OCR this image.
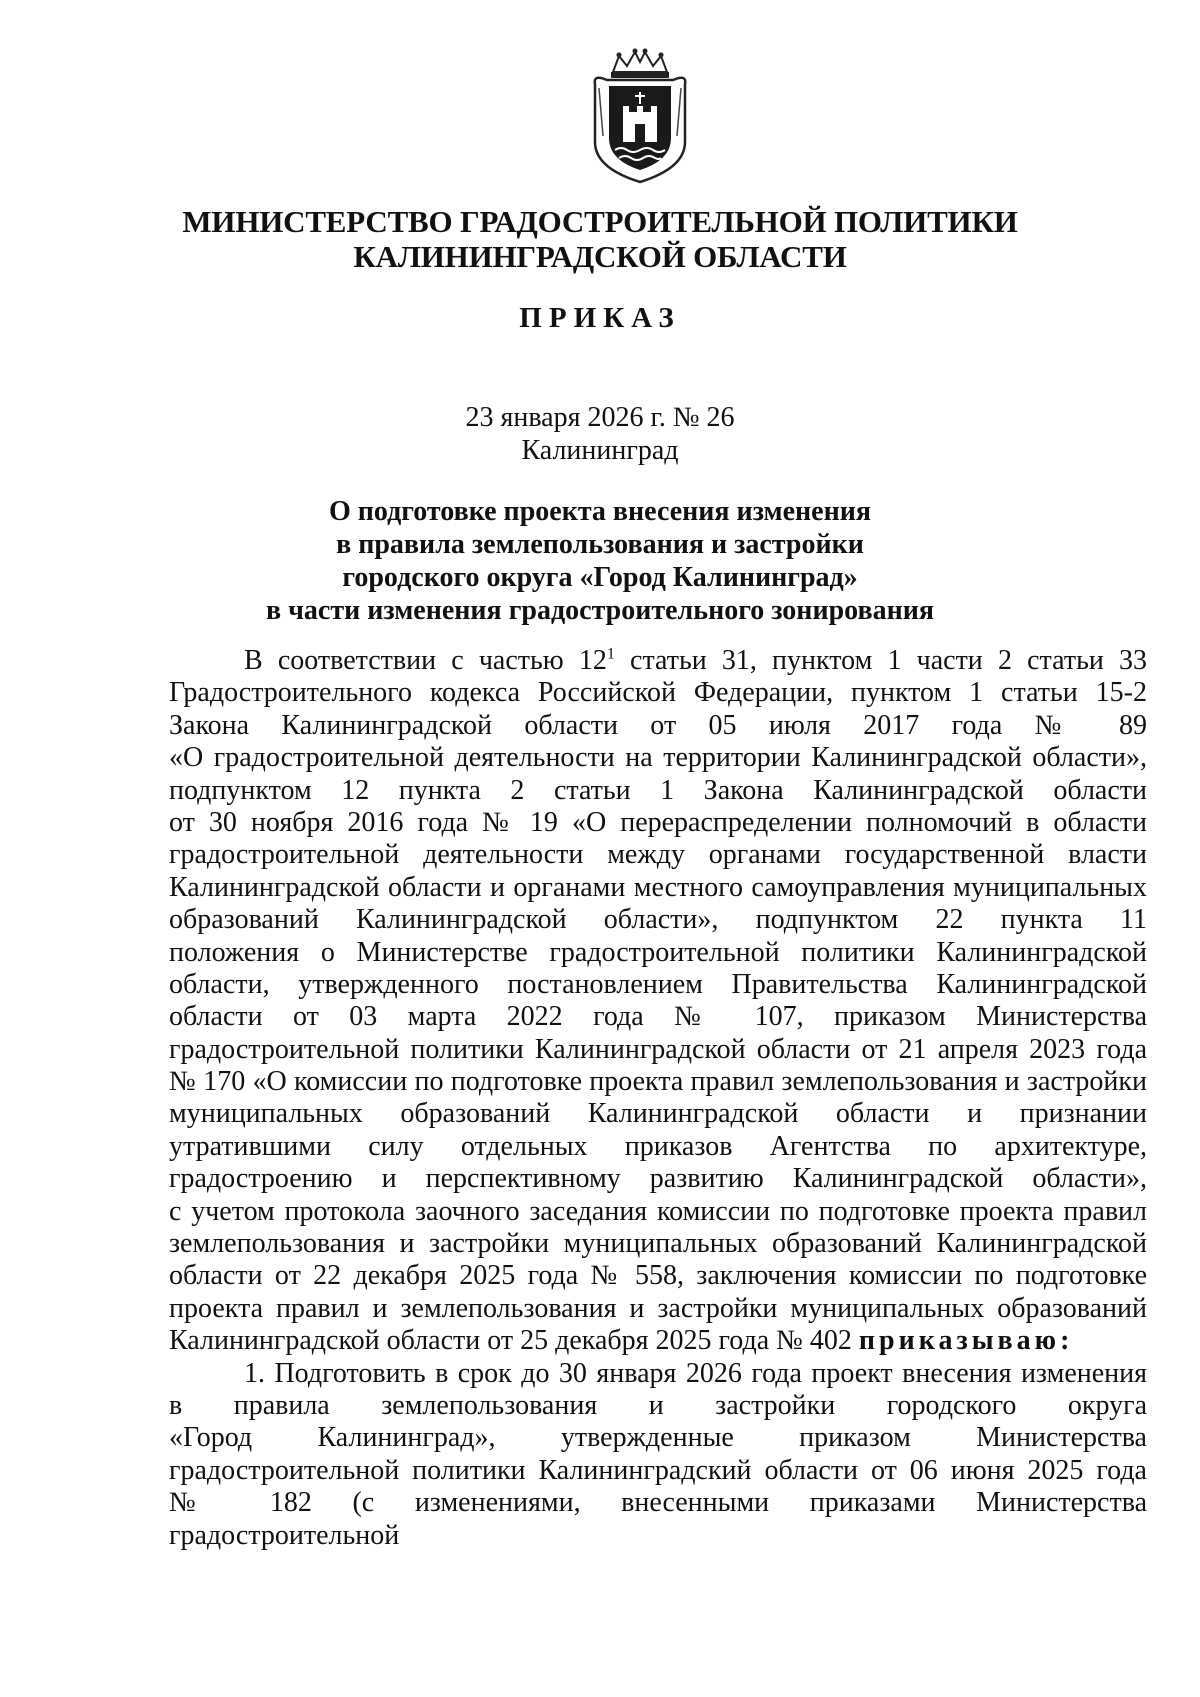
МИНИСТЕРСТВО ГРАДОСТРОИТЕЛЬНОЙ ПОЛИТИКИ
КАЛИНИНГРАДСКОЙ ОБЛАСТИ
ПРИКАЗ
23 января 2026 г. № 26
Калининград
О подготовке проекта внесения изменения
в правила землепользования и застройки
городского округа «Город Калининград»
в части изменения градостроительного зонирования
В соответствии с частью $12^1$ статьи 31, пунктом 1 части 2 статьи 33
Градостроительного кодекса Российской Федерации, пунктом 1 статьи 15-2
Закона Калининградской области от 05 июля 2017 года № 89
«О градостроительной деятельности на территории Калининградской области»,
подпунктом 12 пункта 2 статьи 1 Закона Калининградской области
от 30 ноября 2016 года № 19 «О перераспределении полномочий в области
градостроительной деятельности между органами государственной власти
Калининградской области и органами местного самоуправления муниципальных
образований Калининградской области», подпунктом 22 пункта 11
положения о Министерстве градостроительной политики Калининградской
области, утвержденного постановлением Правительства Калининградской
области от 03 марта 2022 года № 107, приказом Министерства
градостроительной политики Калининградской области от 21 апреля 2023 года
№ 170 «О комиссии по подготовке проекта правил землепользования и застройки
муниципальных образований Калининградской области и признании
утратившими силу отдельных приказов Агентства по архитектуре,
градостроению и перспективному развитию Калининградской области»,
с учетом протокола заочного заседания комиссии по подготовке проекта правил
землепользования и застройки муниципальных образований Калининградской
области от 22 декабря 2025 года № 558, заключения комиссии по подготовке
проекта правил и землепользования и застройки муниципальных образований
Калининградской области от 25 декабря 2025 года № 402 приказываю:
1. Подготовить в срок до 30 января 2026 года проект внесения изменения
в правила землепользования и застройки городского округа
«Город Калининград», утвержденные приказом Министерства
градостроительной политики Калининградский области от 06 июня 2025 года
№ 182 (с изменениями, внесенными приказами Министерства градостроительной
